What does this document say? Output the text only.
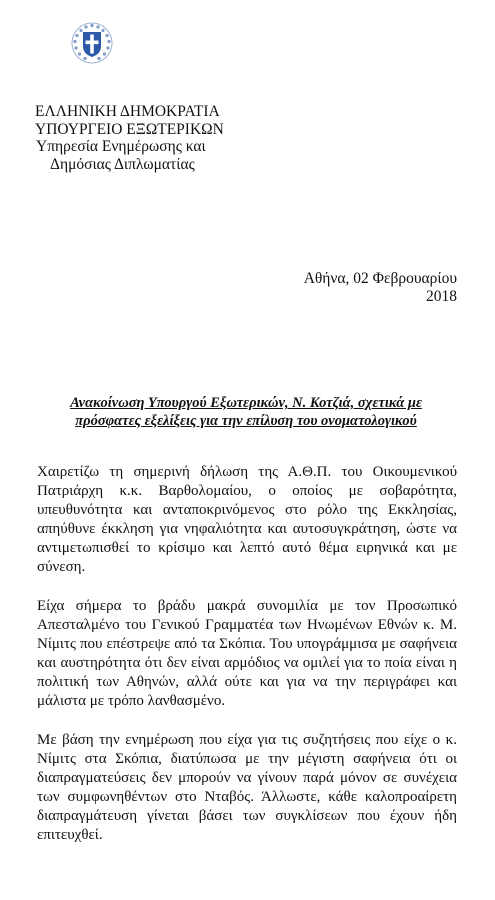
ΕΛΛΗΝΙΚΗ ΔΗΜΟΚΡΑΤΙΑ
ΥΠΟΥΡΓΕΙΟ ΕΞΩΤΕΡΙΚΩΝ
Υπηρεσία Ενημέρωσης και
Δημόσιας Διπλωματίας
Αθήνα, 02 Φεβρουαρίου
2018
Ανακοίνωση Υπουργού Εξωτερικών, Ν. Κοτζιά, σχετικά με
πρόσφατες εξελίξεις για την επίλυση του ονοματολογικού

Χαιρετίζω τη σημερινή δήλωση της Α.Θ.Π. του Οικουμενικού Πατριάρχη κ.κ. Βαρθολομαίου, ο οποίος με σοβαρότητα, υπευθυνότητα και ανταποκρινόμενος στο ρόλο της Εκκλησίας, απηύθυνε έκκληση για νηφαλιότητα και αυτοσυγκράτηση, ώστε να αντιμετωπισθεί το κρίσιμο και λεπτό αυτό θέμα ειρηνικά και με σύνεση.

Είχα σήμερα το βράδυ μακρά συνομιλία με τον Προσωπικό Απεσταλμένο του Γενικού Γραμματέα των Ηνωμένων Εθνών κ. Μ. Νίμιτς που επέστρεψε από τα Σκόπια. Του υπογράμμισα με σαφήνεια και αυστηρότητα ότι δεν είναι αρμόδιος να ομιλεί για το ποία είναι η πολιτική των Αθηνών, αλλά ούτε και για να την περιγράφει και μάλιστα με τρόπο λανθασμένο.

Με βάση την ενημέρωση που είχα για τις συζητήσεις που είχε ο κ. Νίμιτς στα Σκόπια, διατύπωσα με την μέγιστη σαφήνεια ότι οι διαπραγματεύσεις δεν μπορούν να γίνουν παρά μόνον σε συνέχεια των συμφωνηθέντων στο Νταβός. Άλλωστε, κάθε καλοπροαίρετη διαπραγμάτευση γίνεται βάσει των συγκλίσεων που έχουν ήδη επιτευχθεί.
